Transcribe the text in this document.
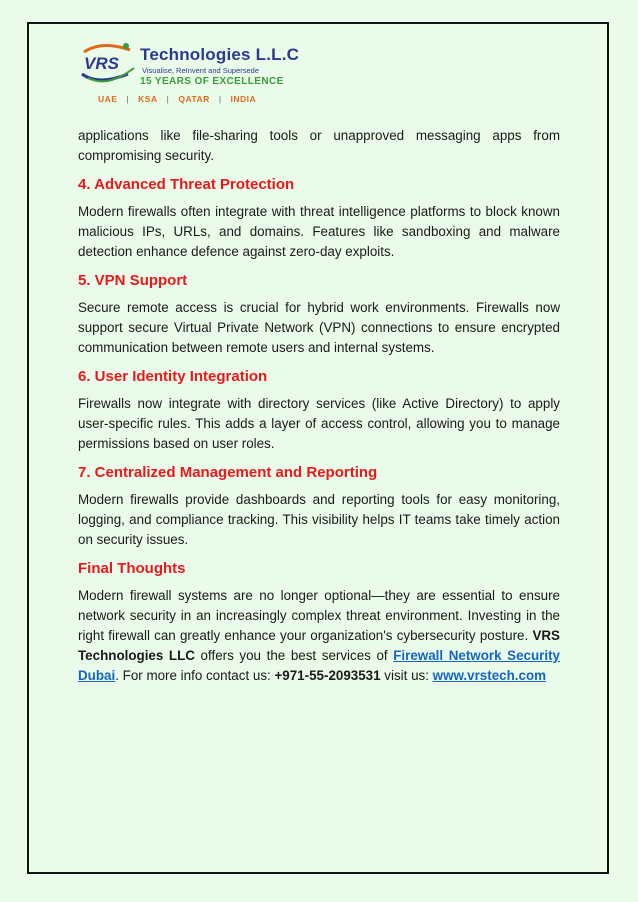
VRS Technologies L.L.C
Visualise, ReInvent and Supersede
15 YEARS OF EXCELLENCE
UAE | KSA | QATAR | INDIA

applications like file-sharing tools or unapproved messaging apps from compromising security.

4. Advanced Threat Protection

Modern firewalls often integrate with threat intelligence platforms to block known malicious IPs, URLs, and domains. Features like sandboxing and malware detection enhance defence against zero-day exploits.

5. VPN Support

Secure remote access is crucial for hybrid work environments. Firewalls now support secure Virtual Private Network (VPN) connections to ensure encrypted communication between remote users and internal systems.

6. User Identity Integration

Firewalls now integrate with directory services (like Active Directory) to apply user-specific rules. This adds a layer of access control, allowing you to manage permissions based on user roles.

7. Centralized Management and Reporting

Modern firewalls provide dashboards and reporting tools for easy monitoring, logging, and compliance tracking. This visibility helps IT teams take timely action on security issues.

Final Thoughts

Modern firewall systems are no longer optional—they are essential to ensure network security in an increasingly complex threat environment. Investing in the right firewall can greatly enhance your organization's cybersecurity posture. VRS Technologies LLC offers you the best services of Firewall Network Security Dubai. For more info contact us: +971-55-2093531 visit us: www.vrstech.com
